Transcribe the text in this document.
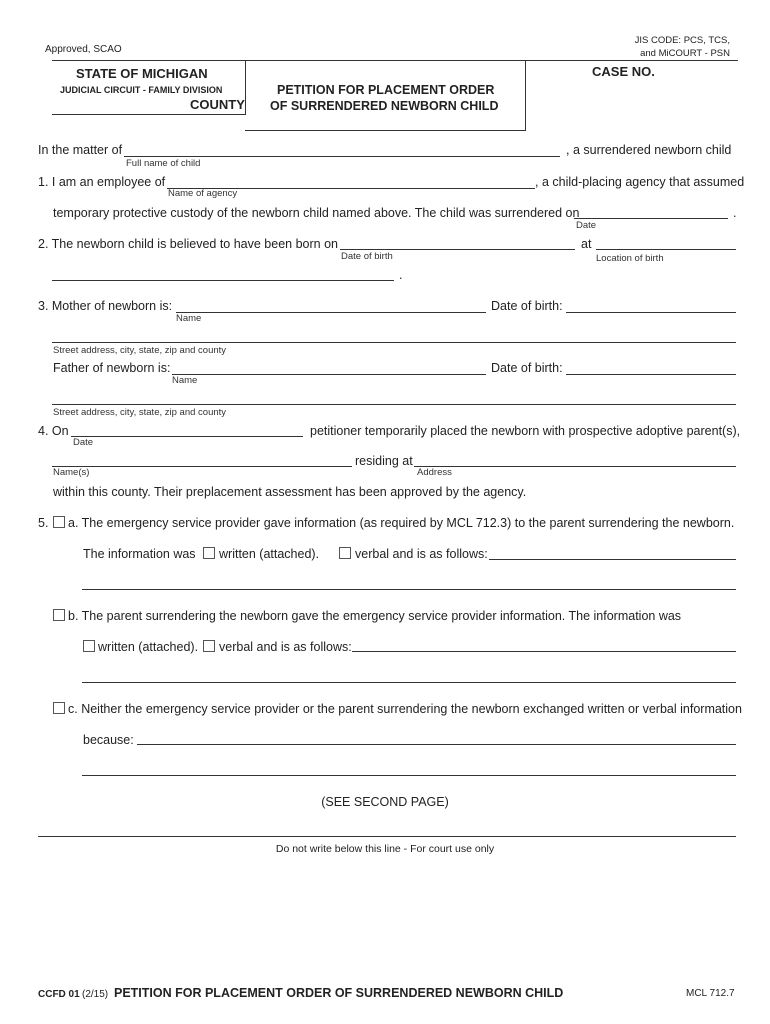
Approved, SCAO
JIS CODE: PCS, TCS,
and MiCOURT - PSN
STATE OF MICHIGAN
JUDICIAL CIRCUIT - FAMILY DIVISION
COUNTY
PETITION FOR PLACEMENT ORDER
OF SURRENDERED NEWBORN CHILD
CASE NO.
In the matter of	, a surrendered newborn child
Full name of child
1. I am an employee of	, a child-placing agency that assumed
Name of agency
temporary protective custody of the newborn child named above. The child was surrendered on	.
Date
2. The newborn child is believed to have been born on	at
Date of birth	Location of birth
.
3. Mother of newborn is:	Date of birth:
Name
Street address, city, state, zip and county
Father of newborn is:	Date of birth:
Name
Street address, city, state, zip and county
4. On	petitioner temporarily placed the newborn with prospective adoptive parent(s),
Date
residing at
Name(s)	Address
within this county. Their preplacement assessment has been approved by the agency.
5. a. The emergency service provider gave information (as required by MCL 712.3) to the parent surrendering the newborn.
The information was written (attached).	verbal and is as follows:
b. The parent surrendering the newborn gave the emergency service provider information. The information was
written (attached). verbal and is as follows:
c. Neither the emergency service provider or the parent surrendering the newborn exchanged written or verbal information
because:
(SEE SECOND PAGE)
Do not write below this line - For court use only
CCFD 01 (2/15) PETITION FOR PLACEMENT ORDER OF SURRENDERED NEWBORN CHILD	MCL 712.7
